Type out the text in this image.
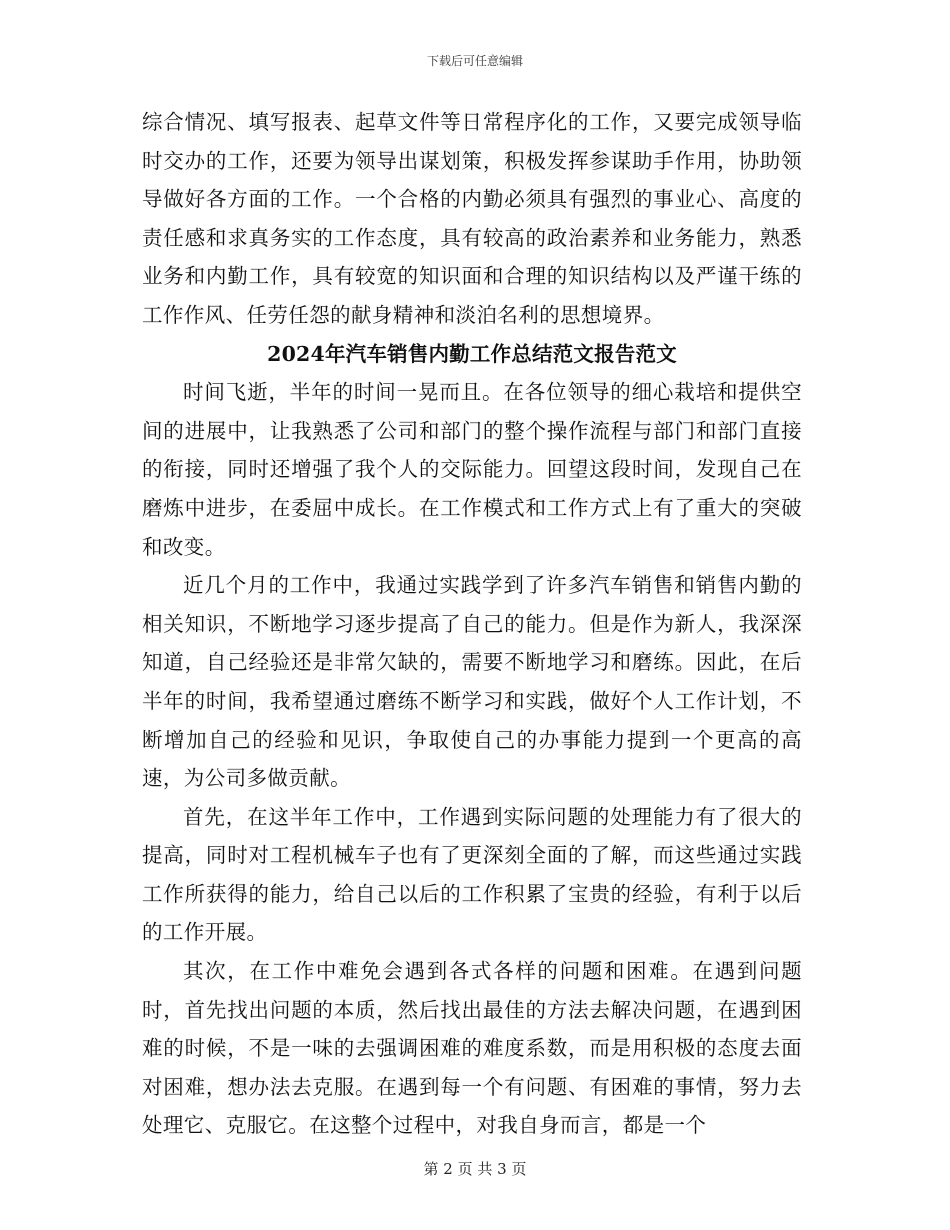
下载后可任意编辑

综合情况、填写报表、起草文件等日常程序化的工作，又要完成领导临时交办的工作，还要为领导出谋划策，积极发挥参谋助手作用，协助领导做好各方面的工作。一个合格的内勤必须具有强烈的事业心、高度的责任感和求真务实的工作态度，具有较高的政治素养和业务能力，熟悉业务和内勤工作，具有较宽的知识面和合理的知识结构以及严谨干练的工作作风、任劳任怨的献身精神和淡泊名利的思想境界。

2024年汽车销售内勤工作总结范文报告范文

时间飞逝，半年的时间一晃而且。在各位领导的细心栽培和提供空间的进展中，让我熟悉了公司和部门的整个操作流程与部门和部门直接的衔接，同时还增强了我个人的交际能力。回望这段时间，发现自己在磨炼中进步，在委屈中成长。在工作模式和工作方式上有了重大的突破和改变。

近几个月的工作中，我通过实践学到了许多汽车销售和销售内勤的相关知识，不断地学习逐步提高了自己的能力。但是作为新人，我深深知道，自己经验还是非常欠缺的，需要不断地学习和磨练。因此，在后半年的时间，我希望通过磨练不断学习和实践，做好个人工作计划，不断增加自己的经验和见识，争取使自己的办事能力提到一个更高的高速，为公司多做贡献。

首先，在这半年工作中，工作遇到实际问题的处理能力有了很大的提高，同时对工程机械车子也有了更深刻全面的了解，而这些通过实践工作所获得的能力，给自己以后的工作积累了宝贵的经验，有利于以后的工作开展。

其次，在工作中难免会遇到各式各样的问题和困难。在遇到问题时，首先找出问题的本质，然后找出最佳的方法去解决问题，在遇到困难的时候，不是一味的去强调困难的难度系数，而是用积极的态度去面对困难，想办法去克服。在遇到每一个有问题、有困难的事情，努力去处理它、克服它。在这整个过程中，对我自身而言，都是一个

第 2 页 共 3 页
